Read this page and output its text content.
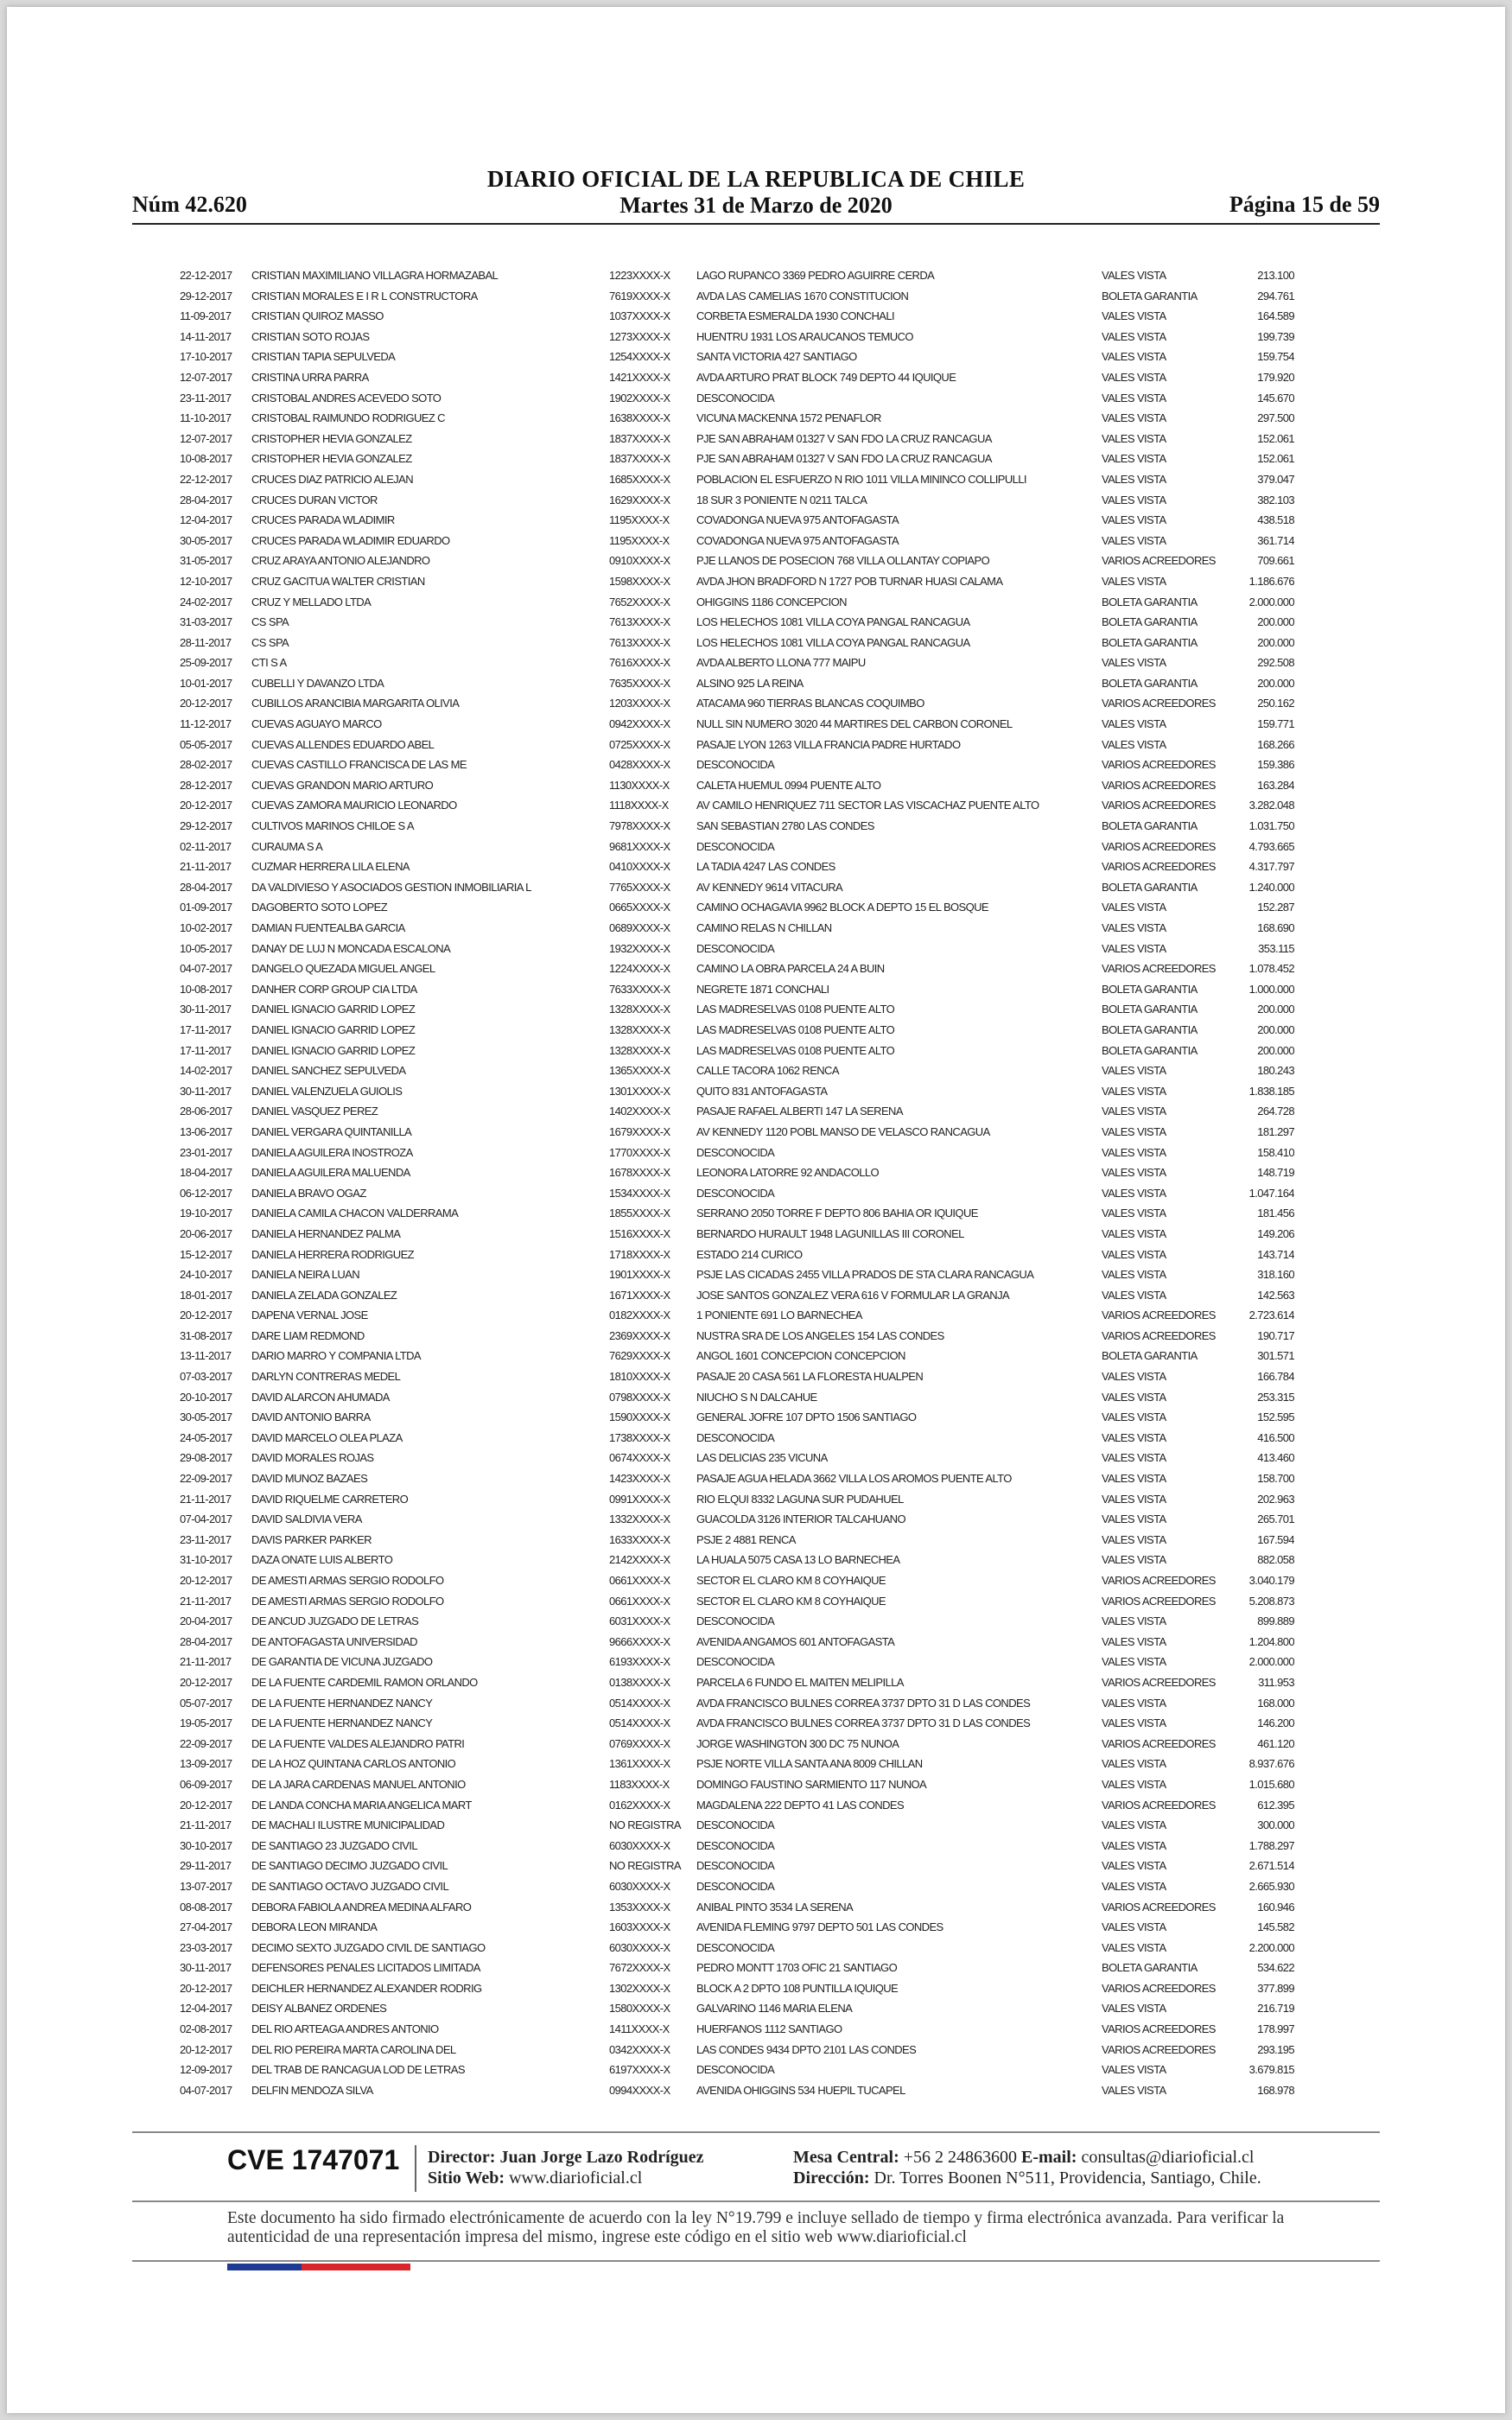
DIARIO OFICIAL DE LA REPUBLICA DE CHILE
Núm 42.620	Martes 31 de Marzo de 2020	Página 15 de 59
22-12-2017	CRISTIAN MAXIMILIANO VILLAGRA HORMAZABAL	1223XXXX-X	LAGO RUPANCO 3369 PEDRO AGUIRRE CERDA	VALES VISTA	213.100
29-12-2017	CRISTIAN MORALES E I R L CONSTRUCTORA	7619XXXX-X	AVDA LAS CAMELIAS 1670 CONSTITUCION	BOLETA GARANTIA	294.761
11-09-2017	CRISTIAN QUIROZ MASSO	1037XXXX-X	CORBETA ESMERALDA 1930 CONCHALI	VALES VISTA	164.589
14-11-2017	CRISTIAN SOTO ROJAS	1273XXXX-X	HUENTRU 1931 LOS ARAUCANOS TEMUCO	VALES VISTA	199.739
17-10-2017	CRISTIAN TAPIA SEPULVEDA	1254XXXX-X	SANTA VICTORIA 427 SANTIAGO	VALES VISTA	159.754
12-07-2017	CRISTINA URRA PARRA	1421XXXX-X	AVDA ARTURO PRAT BLOCK 749 DEPTO 44 IQUIQUE	VALES VISTA	179.920
23-11-2017	CRISTOBAL ANDRES ACEVEDO SOTO	1902XXXX-X	DESCONOCIDA	VALES VISTA	145.670
11-10-2017	CRISTOBAL RAIMUNDO RODRIGUEZ C	1638XXXX-X	VICUNA MACKENNA 1572 PENAFLOR	VALES VISTA	297.500
12-07-2017	CRISTOPHER HEVIA GONZALEZ	1837XXXX-X	PJE SAN ABRAHAM 01327 V SAN FDO LA CRUZ RANCAGUA	VALES VISTA	152.061
10-08-2017	CRISTOPHER HEVIA GONZALEZ	1837XXXX-X	PJE SAN ABRAHAM 01327 V SAN FDO LA CRUZ RANCAGUA	VALES VISTA	152.061
22-12-2017	CRUCES DIAZ PATRICIO ALEJAN	1685XXXX-X	POBLACION EL ESFUERZO N RIO 1011 VILLA MININCO COLLIPULLI	VALES VISTA	379.047
28-04-2017	CRUCES DURAN VICTOR	1629XXXX-X	18 SUR 3 PONIENTE N 0211 TALCA	VALES VISTA	382.103
12-04-2017	CRUCES PARADA WLADIMIR	1195XXXX-X	COVADONGA NUEVA 975 ANTOFAGASTA	VALES VISTA	438.518
30-05-2017	CRUCES PARADA WLADIMIR EDUARDO	1195XXXX-X	COVADONGA NUEVA 975 ANTOFAGASTA	VALES VISTA	361.714
31-05-2017	CRUZ ARAYA ANTONIO ALEJANDRO	0910XXXX-X	PJE LLANOS DE POSECION 768 VILLA OLLANTAY COPIAPO	VARIOS ACREEDORES	709.661
12-10-2017	CRUZ GACITUA WALTER CRISTIAN	1598XXXX-X	AVDA JHON BRADFORD N 1727 POB TURNAR HUASI CALAMA	VALES VISTA	1.186.676
24-02-2017	CRUZ Y MELLADO LTDA	7652XXXX-X	OHIGGINS 1186 CONCEPCION	BOLETA GARANTIA	2.000.000
31-03-2017	CS SPA	7613XXXX-X	LOS HELECHOS 1081 VILLA COYA PANGAL RANCAGUA	BOLETA GARANTIA	200.000
28-11-2017	CS SPA	7613XXXX-X	LOS HELECHOS 1081 VILLA COYA PANGAL RANCAGUA	BOLETA GARANTIA	200.000
25-09-2017	CTI S A	7616XXXX-X	AVDA ALBERTO LLONA 777 MAIPU	VALES VISTA	292.508
10-01-2017	CUBELLI Y DAVANZO LTDA	7635XXXX-X	ALSINO 925 LA REINA	BOLETA GARANTIA	200.000
20-12-2017	CUBILLOS ARANCIBIA MARGARITA OLIVIA	1203XXXX-X	ATACAMA 960 TIERRAS BLANCAS COQUIMBO	VARIOS ACREEDORES	250.162
11-12-2017	CUEVAS AGUAYO MARCO	0942XXXX-X	NULL SIN NUMERO 3020 44 MARTIRES DEL CARBON CORONEL	VALES VISTA	159.771
05-05-2017	CUEVAS ALLENDES EDUARDO ABEL	0725XXXX-X	PASAJE LYON 1263 VILLA FRANCIA PADRE HURTADO	VALES VISTA	168.266
28-02-2017	CUEVAS CASTILLO FRANCISCA DE LAS ME	0428XXXX-X	DESCONOCIDA	VARIOS ACREEDORES	159.386
28-12-2017	CUEVAS GRANDON MARIO ARTURO	1130XXXX-X	CALETA HUEMUL 0994 PUENTE ALTO	VARIOS ACREEDORES	163.284
20-12-2017	CUEVAS ZAMORA MAURICIO LEONARDO	1118XXXX-X	AV CAMILO HENRIQUEZ 711 SECTOR LAS VISCACHAZ PUENTE ALTO	VARIOS ACREEDORES	3.282.048
29-12-2017	CULTIVOS MARINOS CHILOE S A	7978XXXX-X	SAN SEBASTIAN 2780 LAS CONDES	BOLETA GARANTIA	1.031.750
02-11-2017	CURAUMA S A	9681XXXX-X	DESCONOCIDA	VARIOS ACREEDORES	4.793.665
21-11-2017	CUZMAR HERRERA LILA ELENA	0410XXXX-X	LA TADIA 4247 LAS CONDES	VARIOS ACREEDORES	4.317.797
28-04-2017	DA VALDIVIESO Y ASOCIADOS GESTION INMOBILIARIA L	7765XXXX-X	AV KENNEDY 9614 VITACURA	BOLETA GARANTIA	1.240.000
01-09-2017	DAGOBERTO SOTO LOPEZ	0665XXXX-X	CAMINO OCHAGAVIA 9962 BLOCK A DEPTO 15 EL BOSQUE	VALES VISTA	152.287
10-02-2017	DAMIAN FUENTEALBA GARCIA	0689XXXX-X	CAMINO RELAS N CHILLAN	VALES VISTA	168.690
10-05-2017	DANAY DE LUJ N MONCADA ESCALONA	1932XXXX-X	DESCONOCIDA	VALES VISTA	353.115
04-07-2017	DANGELO QUEZADA MIGUEL ANGEL	1224XXXX-X	CAMINO LA OBRA PARCELA 24 A BUIN	VARIOS ACREEDORES	1.078.452
10-08-2017	DANHER CORP GROUP CIA LTDA	7633XXXX-X	NEGRETE 1871 CONCHALI	BOLETA GARANTIA	1.000.000
30-11-2017	DANIEL IGNACIO GARRID LOPEZ	1328XXXX-X	LAS MADRESELVAS 0108 PUENTE ALTO	BOLETA GARANTIA	200.000
17-11-2017	DANIEL IGNACIO GARRID LOPEZ	1328XXXX-X	LAS MADRESELVAS 0108 PUENTE ALTO	BOLETA GARANTIA	200.000
17-11-2017	DANIEL IGNACIO GARRID LOPEZ	1328XXXX-X	LAS MADRESELVAS 0108 PUENTE ALTO	BOLETA GARANTIA	200.000
14-02-2017	DANIEL SANCHEZ SEPULVEDA	1365XXXX-X	CALLE TACORA 1062 RENCA	VALES VISTA	180.243
30-11-2017	DANIEL VALENZUELA GUIOLIS	1301XXXX-X	QUITO 831 ANTOFAGASTA	VALES VISTA	1.838.185
28-06-2017	DANIEL VASQUEZ PEREZ	1402XXXX-X	PASAJE RAFAEL ALBERTI 147 LA SERENA	VALES VISTA	264.728
13-06-2017	DANIEL VERGARA QUINTANILLA	1679XXXX-X	AV KENNEDY 1120 POBL MANSO DE VELASCO RANCAGUA	VALES VISTA	181.297
23-01-2017	DANIELA AGUILERA INOSTROZA	1770XXXX-X	DESCONOCIDA	VALES VISTA	158.410
18-04-2017	DANIELA AGUILERA MALUENDA	1678XXXX-X	LEONORA LATORRE 92 ANDACOLLO	VALES VISTA	148.719
06-12-2017	DANIELA BRAVO OGAZ	1534XXXX-X	DESCONOCIDA	VALES VISTA	1.047.164
19-10-2017	DANIELA CAMILA CHACON VALDERRAMA	1855XXXX-X	SERRANO 2050 TORRE F DEPTO 806 BAHIA OR IQUIQUE	VALES VISTA	181.456
20-06-2017	DANIELA HERNANDEZ PALMA	1516XXXX-X	BERNARDO HURAULT 1948 LAGUNILLAS III CORONEL	VALES VISTA	149.206
15-12-2017	DANIELA HERRERA RODRIGUEZ	1718XXXX-X	ESTADO 214 CURICO	VALES VISTA	143.714
24-10-2017	DANIELA NEIRA LUAN	1901XXXX-X	PSJE LAS CICADAS 2455 VILLA PRADOS DE STA CLARA RANCAGUA	VALES VISTA	318.160
18-01-2017	DANIELA ZELADA GONZALEZ	1671XXXX-X	JOSE SANTOS GONZALEZ VERA 616 V FORMULAR LA GRANJA	VALES VISTA	142.563
20-12-2017	DAPENA VERNAL JOSE	0182XXXX-X	1 PONIENTE 691 LO BARNECHEA	VARIOS ACREEDORES	2.723.614
31-08-2017	DARE LIAM REDMOND	2369XXXX-X	NUSTRA SRA DE LOS ANGELES 154 LAS CONDES	VARIOS ACREEDORES	190.717
13-11-2017	DARIO MARRO Y COMPANIA LTDA	7629XXXX-X	ANGOL 1601 CONCEPCION CONCEPCION	BOLETA GARANTIA	301.571
07-03-2017	DARLYN CONTRERAS MEDEL	1810XXXX-X	PASAJE 20 CASA 561 LA FLORESTA HUALPEN	VALES VISTA	166.784
20-10-2017	DAVID ALARCON AHUMADA	0798XXXX-X	NIUCHO S N DALCAHUE	VALES VISTA	253.315
30-05-2017	DAVID ANTONIO BARRA	1590XXXX-X	GENERAL JOFRE 107 DPTO 1506 SANTIAGO	VALES VISTA	152.595
24-05-2017	DAVID MARCELO OLEA PLAZA	1738XXXX-X	DESCONOCIDA	VALES VISTA	416.500
29-08-2017	DAVID MORALES ROJAS	0674XXXX-X	LAS DELICIAS 235 VICUNA	VALES VISTA	413.460
22-09-2017	DAVID MUNOZ BAZAES	1423XXXX-X	PASAJE AGUA HELADA 3662 VILLA LOS AROMOS PUENTE ALTO	VALES VISTA	158.700
21-11-2017	DAVID RIQUELME CARRETERO	0991XXXX-X	RIO ELQUI 8332 LAGUNA SUR PUDAHUEL	VALES VISTA	202.963
07-04-2017	DAVID SALDIVIA VERA	1332XXXX-X	GUACOLDA 3126 INTERIOR TALCAHUANO	VALES VISTA	265.701
23-11-2017	DAVIS PARKER PARKER	1633XXXX-X	PSJE 2 4881 RENCA	VALES VISTA	167.594
31-10-2017	DAZA ONATE LUIS ALBERTO	2142XXXX-X	LA HUALA 5075 CASA 13 LO BARNECHEA	VALES VISTA	882.058
20-12-2017	DE AMESTI ARMAS SERGIO RODOLFO	0661XXXX-X	SECTOR EL CLARO KM 8 COYHAIQUE	VARIOS ACREEDORES	3.040.179
21-11-2017	DE AMESTI ARMAS SERGIO RODOLFO	0661XXXX-X	SECTOR EL CLARO KM 8 COYHAIQUE	VARIOS ACREEDORES	5.208.873
20-04-2017	DE ANCUD JUZGADO DE LETRAS	6031XXXX-X	DESCONOCIDA	VALES VISTA	899.889
28-04-2017	DE ANTOFAGASTA UNIVERSIDAD	9666XXXX-X	AVENIDA ANGAMOS 601 ANTOFAGASTA	VALES VISTA	1.204.800
21-11-2017	DE GARANTIA DE VICUNA JUZGADO	6193XXXX-X	DESCONOCIDA	VALES VISTA	2.000.000
20-12-2017	DE LA FUENTE CARDEMIL RAMON ORLANDO	0138XXXX-X	PARCELA 6 FUNDO EL MAITEN MELIPILLA	VARIOS ACREEDORES	311.953
05-07-2017	DE LA FUENTE HERNANDEZ NANCY	0514XXXX-X	AVDA FRANCISCO BULNES CORREA 3737 DPTO 31 D LAS CONDES	VALES VISTA	168.000
19-05-2017	DE LA FUENTE HERNANDEZ NANCY	0514XXXX-X	AVDA FRANCISCO BULNES CORREA 3737 DPTO 31 D LAS CONDES	VALES VISTA	146.200
22-09-2017	DE LA FUENTE VALDES ALEJANDRO PATRI	0769XXXX-X	JORGE WASHINGTON 300 DC 75 NUNOA	VARIOS ACREEDORES	461.120
13-09-2017	DE LA HOZ QUINTANA CARLOS ANTONIO	1361XXXX-X	PSJE NORTE VILLA SANTA ANA 8009 CHILLAN	VALES VISTA	8.937.676
06-09-2017	DE LA JARA CARDENAS MANUEL ANTONIO	1183XXXX-X	DOMINGO FAUSTINO SARMIENTO 117 NUNOA	VALES VISTA	1.015.680
20-12-2017	DE LANDA CONCHA MARIA ANGELICA MART	0162XXXX-X	MAGDALENA 222 DEPTO 41 LAS CONDES	VARIOS ACREEDORES	612.395
21-11-2017	DE MACHALI ILUSTRE MUNICIPALIDAD	NO REGISTRA	DESCONOCIDA	VALES VISTA	300.000
30-10-2017	DE SANTIAGO 23 JUZGADO CIVIL	6030XXXX-X	DESCONOCIDA	VALES VISTA	1.788.297
29-11-2017	DE SANTIAGO DECIMO JUZGADO CIVIL	NO REGISTRA	DESCONOCIDA	VALES VISTA	2.671.514
13-07-2017	DE SANTIAGO OCTAVO JUZGADO CIVIL	6030XXXX-X	DESCONOCIDA	VALES VISTA	2.665.930
08-08-2017	DEBORA FABIOLA ANDREA MEDINA ALFARO	1353XXXX-X	ANIBAL PINTO 3534 LA SERENA	VARIOS ACREEDORES	160.946
27-04-2017	DEBORA LEON MIRANDA	1603XXXX-X	AVENIDA FLEMING 9797 DEPTO 501 LAS CONDES	VALES VISTA	145.582
23-03-2017	DECIMO SEXTO JUZGADO CIVIL DE SANTIAGO	6030XXXX-X	DESCONOCIDA	VALES VISTA	2.200.000
30-11-2017	DEFENSORES PENALES LICITADOS LIMITADA	7672XXXX-X	PEDRO MONTT 1703 OFIC 21 SANTIAGO	BOLETA GARANTIA	534.622
20-12-2017	DEICHLER HERNANDEZ ALEXANDER RODRIG	1302XXXX-X	BLOCK A 2 DPTO 108 PUNTILLA IQUIQUE	VARIOS ACREEDORES	377.899
12-04-2017	DEISY ALBANEZ ORDENES	1580XXXX-X	GALVARINO 1146 MARIA ELENA	VALES VISTA	216.719
02-08-2017	DEL RIO ARTEAGA ANDRES ANTONIO	1411XXXX-X	HUERFANOS 1112 SANTIAGO	VARIOS ACREEDORES	178.997
20-12-2017	DEL RIO PEREIRA MARTA CAROLINA DEL	0342XXXX-X	LAS CONDES 9434 DPTO 2101 LAS CONDES	VARIOS ACREEDORES	293.195
12-09-2017	DEL TRAB DE RANCAGUA LOD DE LETRAS	6197XXXX-X	DESCONOCIDA	VALES VISTA	3.679.815
04-07-2017	DELFIN MENDOZA SILVA	0994XXXX-X	AVENIDA OHIGGINS 534 HUEPIL TUCAPEL	VALES VISTA	168.978
CVE 1747071 Director: Juan Jorge Lazo Rodríguez
Sitio Web: www.diarioficial.cl
Mesa Central: +56 2 24863600 E-mail: consultas@diarioficial.cl
Dirección: Dr. Torres Boonen N°511, Providencia, Santiago, Chile.
Este documento ha sido firmado electrónicamente de acuerdo con la ley N°19.799 e incluye sellado de tiempo y firma electrónica avanzada. Para verificar la autenticidad de una representación impresa del mismo, ingrese este código en el sitio web www.diarioficial.cl
